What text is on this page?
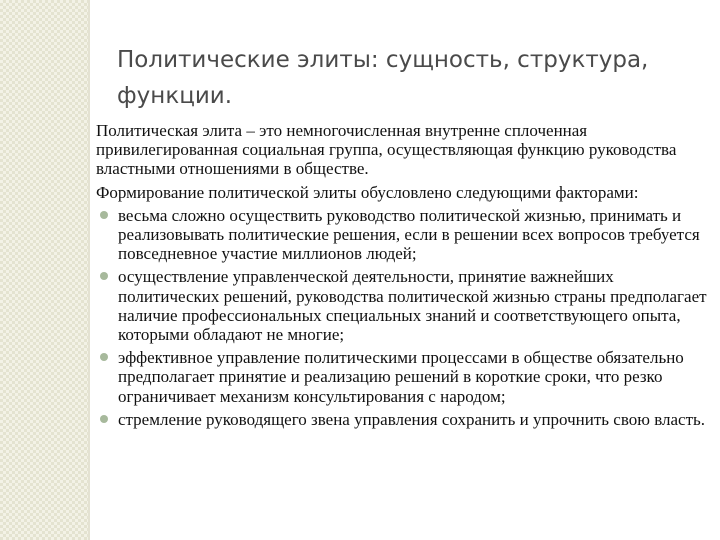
Политические элиты: сущность, структура, функции.

Политическая элита – это немногочисленная внутренне сплоченная привилегированная социальная группа, осуществляющая функцию руководства властными отношениями в обществе.

Формирование политической элиты обусловлено следующими факторами:

весьма сложно осуществить руководство политической жизнью, принимать и реализовывать политические решения, если в решении всех вопросов требуется повседневное участие миллионов людей;
осуществление управленческой деятельности, принятие важнейших политических решений, руководства политической жизнью страны предполагает наличие профессиональных специальных знаний и соответствующего опыта, которыми обладают не многие;
эффективное управление политическими процессами в обществе обязательно предполагает принятие и реализацию решений в короткие сроки, что резко ограничивает механизм консультирования с народом;
стремление руководящего звена управления сохранить и упрочнить свою власть.
